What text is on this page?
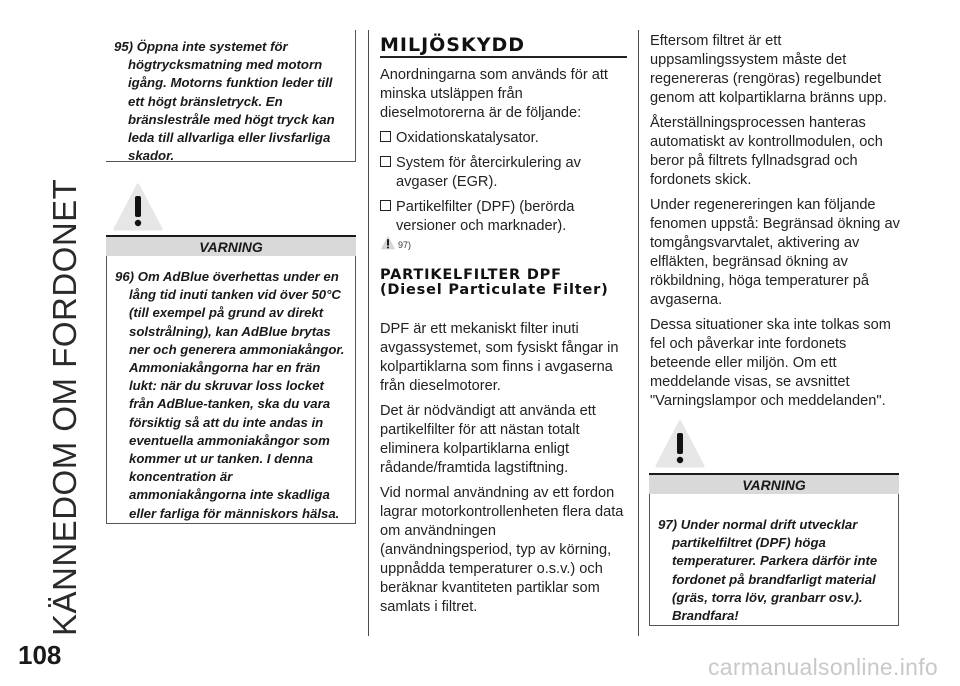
KÄNNEDOM OM FORDONET

95) Öppna inte systemet för högtrycksmatning med motorn igång. Motorns funktion leder till ett högt bränsletryck. En bränslestråle med högt tryck kan leda till allvarliga eller livsfarliga skador.

VARNING

96) Om AdBlue överhettas under en lång tid inuti tanken vid över 50°C (till exempel på grund av direkt solstrålning), kan AdBlue brytas ner och generera ammoniakångor. Ammoniakångorna har en frän lukt: när du skruvar loss locket från AdBlue-tanken, ska du vara försiktig så att du inte andas in eventuella ammoniakångor som kommer ut ur tanken. I denna koncentration är ammoniakångorna inte skadliga eller farliga för människors hälsa.

MILJÖSKYDD

Anordningarna som används för att minska utsläppen från dieselmotorerna är de följande:

Oxidationskatalysator.

System för återcirkulering av avgaser (EGR).

Partikelfilter (DPF) (berörda versioner och marknader).

97)
PARTIKELFILTER DPF (Diesel Particulate Filter)

DPF är ett mekaniskt filter inuti avgassystemet, som fysiskt fångar in kolpartiklarna som finns i avgaserna från dieselmotorer.

Det är nödvändigt att använda ett partikelfilter för att nästan totalt eliminera kolpartiklarna enligt rådande/framtida lagstiftning.

Vid normal användning av ett fordon lagrar motorkontrollenheten flera data om användningen (användningsperiod, typ av körning, uppnådda temperaturer o.s.v.) och beräknar kvantiteten partiklar som samlats i filtret.

Eftersom filtret är ett uppsamlingssystem måste det regenereras (rengöras) regelbundet genom att kolpartiklarna bränns upp.

Återställningsprocessen hanteras automatiskt av kontrollmodulen, och beror på filtrets fyllnadsgrad och fordonets skick.

Under regenereringen kan följande fenomen uppstå: Begränsad ökning av tomgångsvarvtalet, aktivering av elfläkten, begränsad ökning av rökbildning, höga temperaturer på avgaserna.

Dessa situationer ska inte tolkas som fel och påverkar inte fordonets beteende eller miljön. Om ett meddelande visas, se avsnittet "Varningslampor och meddelanden".

VARNING

97) Under normal drift utvecklar partikelfiltret (DPF) höga temperaturer. Parkera därför inte fordonet på brandfarligt material (gräs, torra löv, granbarr osv.). Brandfara!

108	carmanualsonline.info
